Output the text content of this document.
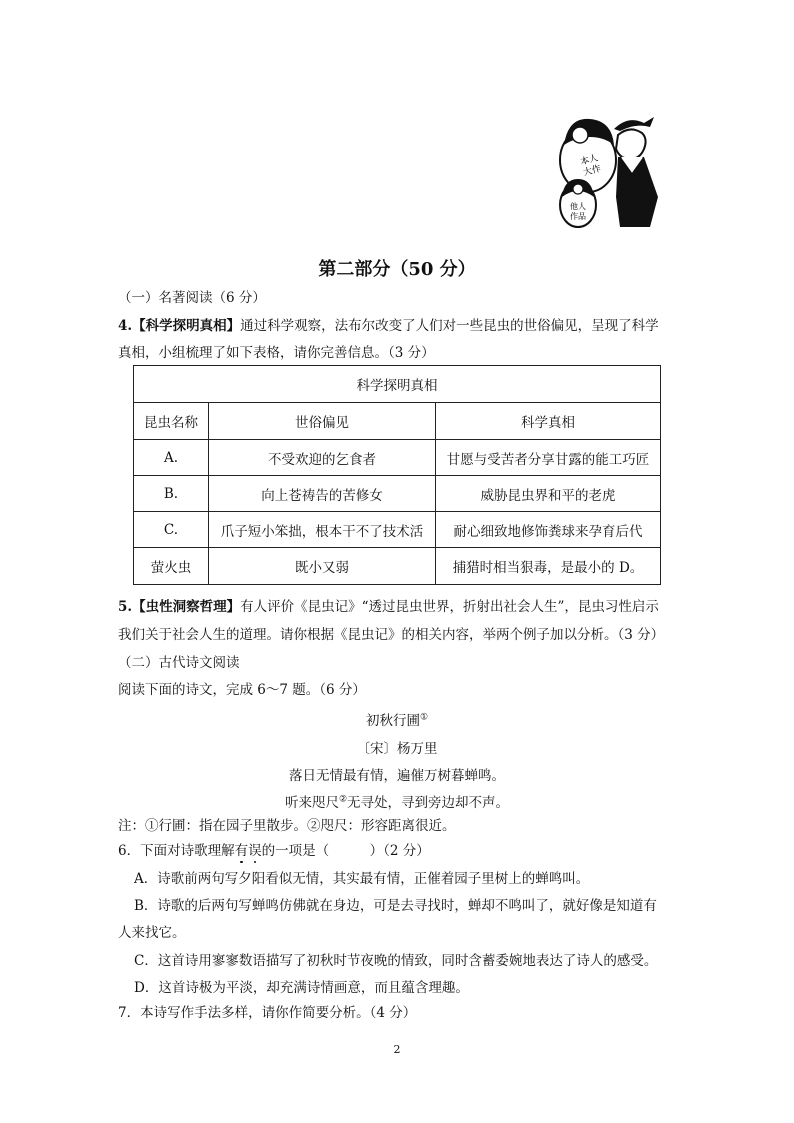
本人大作
他人作品
第二部分（50 分）
（一）名著阅读（6 分）
4.【科学探明真相】通过科学观察，法布尔改变了人们对一些昆虫的世俗偏见，呈现了科学
真相，小组梳理了如下表格，请你完善信息。（3 分）
科学探明真相		
昆虫名称	世俗偏见	科学真相
A.	不受欢迎的乞食者	甘愿与受苦者分享甘露的能工巧匠
B.	向上苍祷告的苦修女	威胁昆虫界和平的老虎
C.	爪子短小笨拙，根本干不了技术活	耐心细致地修饰粪球来孕育后代
萤火虫	既小又弱	捕猎时相当狠毒，是最小的 D。
5.【虫性洞察哲理】有人评价《昆虫记》“透过昆虫世界，折射出社会人生”，昆虫习性启示
我们关于社会人生的道理。请你根据《昆虫记》的相关内容，举两个例子加以分析。（3 分）
（二）古代诗文阅读
阅读下面的诗文，完成 6～7 题。（6 分）
初秋行圃①
〔宋〕杨万里
落日无情最有情，遍催万树暮蝉鸣。
听来咫尺②无寻处，寻到旁边却不声。
注：①行圃：指在园子里散步。②咫尺：形容距离很近。
6．下面对诗歌理解有误的一项是（　　　）（2 分）
A．诗歌前两句写夕阳看似无情，其实最有情，正催着园子里树上的蝉鸣叫。
B．诗歌的后两句写蝉鸣仿佛就在身边，可是去寻找时，蝉却不鸣叫了，就好像是知道有
人来找它。
C．这首诗用寥寥数语描写了初秋时节夜晚的情致，同时含蓄委婉地表达了诗人的感受。
D．这首诗极为平淡，却充满诗情画意，而且蕴含理趣。
7．本诗写作手法多样，请你作简要分析。（4 分）
2
